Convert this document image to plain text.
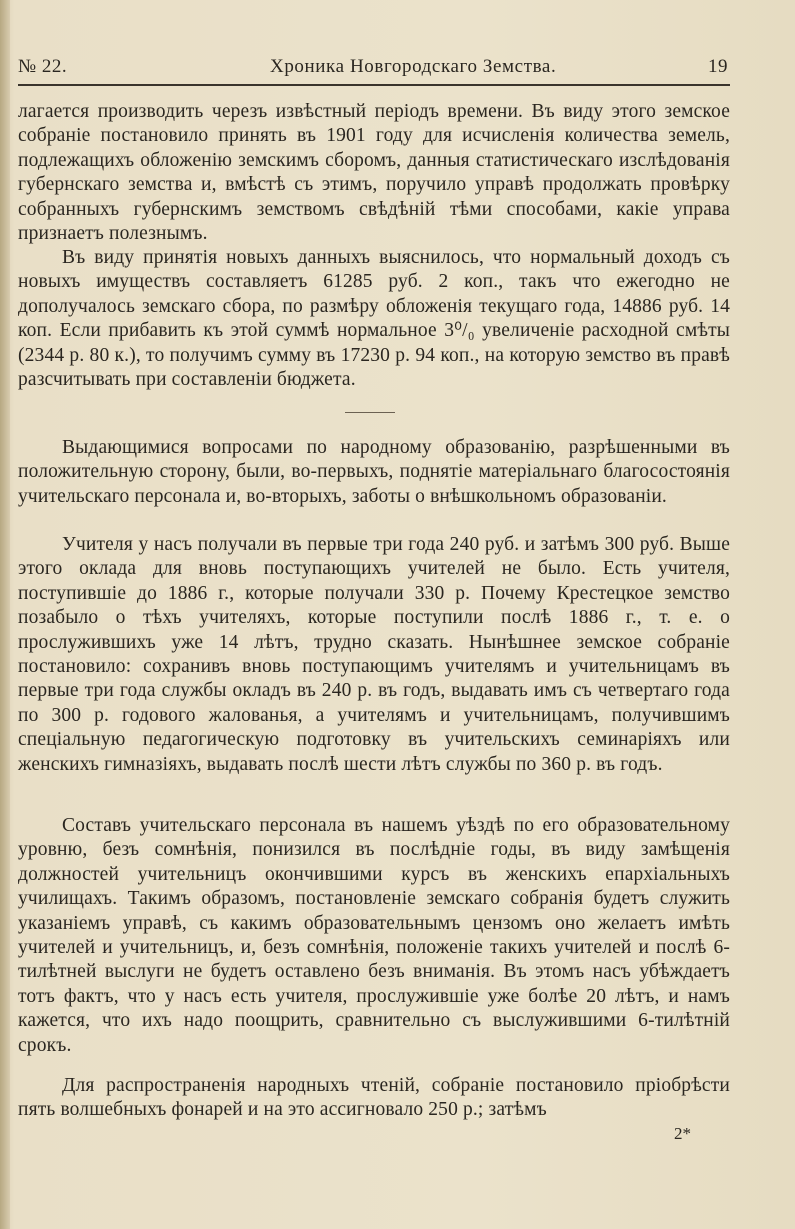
№ 22.	Хроника Новгородскаго Земства.	19

лагается производить черезъ извѣстный періодъ времени. Въ виду этого земское собраніе постановило принять въ 1901 году для исчисленія количества земель, подлежащихъ обложенію земскимъ сборомъ, данныя статистическаго изслѣдованія губернскаго земства и, вмѣстѣ съ этимъ, поручило управѣ продолжать провѣрку собранныхъ губернскимъ земствомъ свѣдѣній тѣми способами, какіе управа признаетъ полезнымъ.

Въ виду принятія новыхъ данныхъ выяснилось, что нормальный доходъ съ новыхъ имуществъ составляетъ 61285 руб. 2 коп., такъ что ежегодно не дополучалось земскаго сбора, по размѣру обложенія текущаго года, 14886 руб. 14 коп. Если прибавить къ этой суммѣ нормальное 3⁰/₀ увеличеніе расходной смѣты (2344 р. 80 к.), то получимъ сумму въ 17230 р. 94 коп., на которую земство въ правѣ разсчитывать при составленіи бюджета.

Выдающимися вопросами по народному образованію, разрѣшенными въ положительную сторону, были, во-первыхъ, поднятіе матеріальнаго благосостоянія учительскаго персонала и, во-вторыхъ, заботы о внѣшкольномъ образованіи.

Учителя у насъ получали въ первые три года 240 руб. и затѣмъ 300 руб. Выше этого оклада для вновь поступающихъ учителей не было. Есть учителя, поступившіе до 1886 г., которые получали 330 р. Почему Крестецкое земство позабыло о тѣхъ учителяхъ, которые поступили послѣ 1886 г., т. е. о прослужившихъ уже 14 лѣтъ, трудно сказать. Нынѣшнее земское собраніе постановило: сохранивъ вновь поступающимъ учителямъ и учительницамъ въ первые три года службы окладъ въ 240 р. въ годъ, выдавать имъ съ четвертаго года по 300 р. годового жалованья, а учителямъ и учительницамъ, получившимъ спеціальную педагогическую подготовку въ учительскихъ семинаріяхъ или женскихъ гимназіяхъ, выдавать послѣ шести лѣтъ службы по 360 р. въ годъ.

Составъ учительскаго персонала въ нашемъ уѣздѣ по его образовательному уровню, безъ сомнѣнія, понизился въ послѣдніе годы, въ виду замѣщенія должностей учительницъ окончившими курсъ въ женскихъ епархіальныхъ училищахъ. Такимъ образомъ, постановленіе земскаго собранія будетъ служить указаніемъ управѣ, съ какимъ образовательнымъ цензомъ оно желаетъ имѣть учителей и учительницъ, и, безъ сомнѣнія, положеніе такихъ учителей и послѣ 6-тилѣтней выслуги не будетъ оставлено безъ вниманія. Въ этомъ насъ убѣждаетъ тотъ фактъ, что у насъ есть учителя, прослужившіе уже болѣе 20 лѣтъ, и намъ кажется, что ихъ надо поощрить, сравнительно съ выслужившими 6-тилѣтній срокъ.

Для распространенія народныхъ чтеній, собраніе постановило пріобрѣсти пять волшебныхъ фонарей и на это ассигновало 250 р.; затѣмъ

2*
